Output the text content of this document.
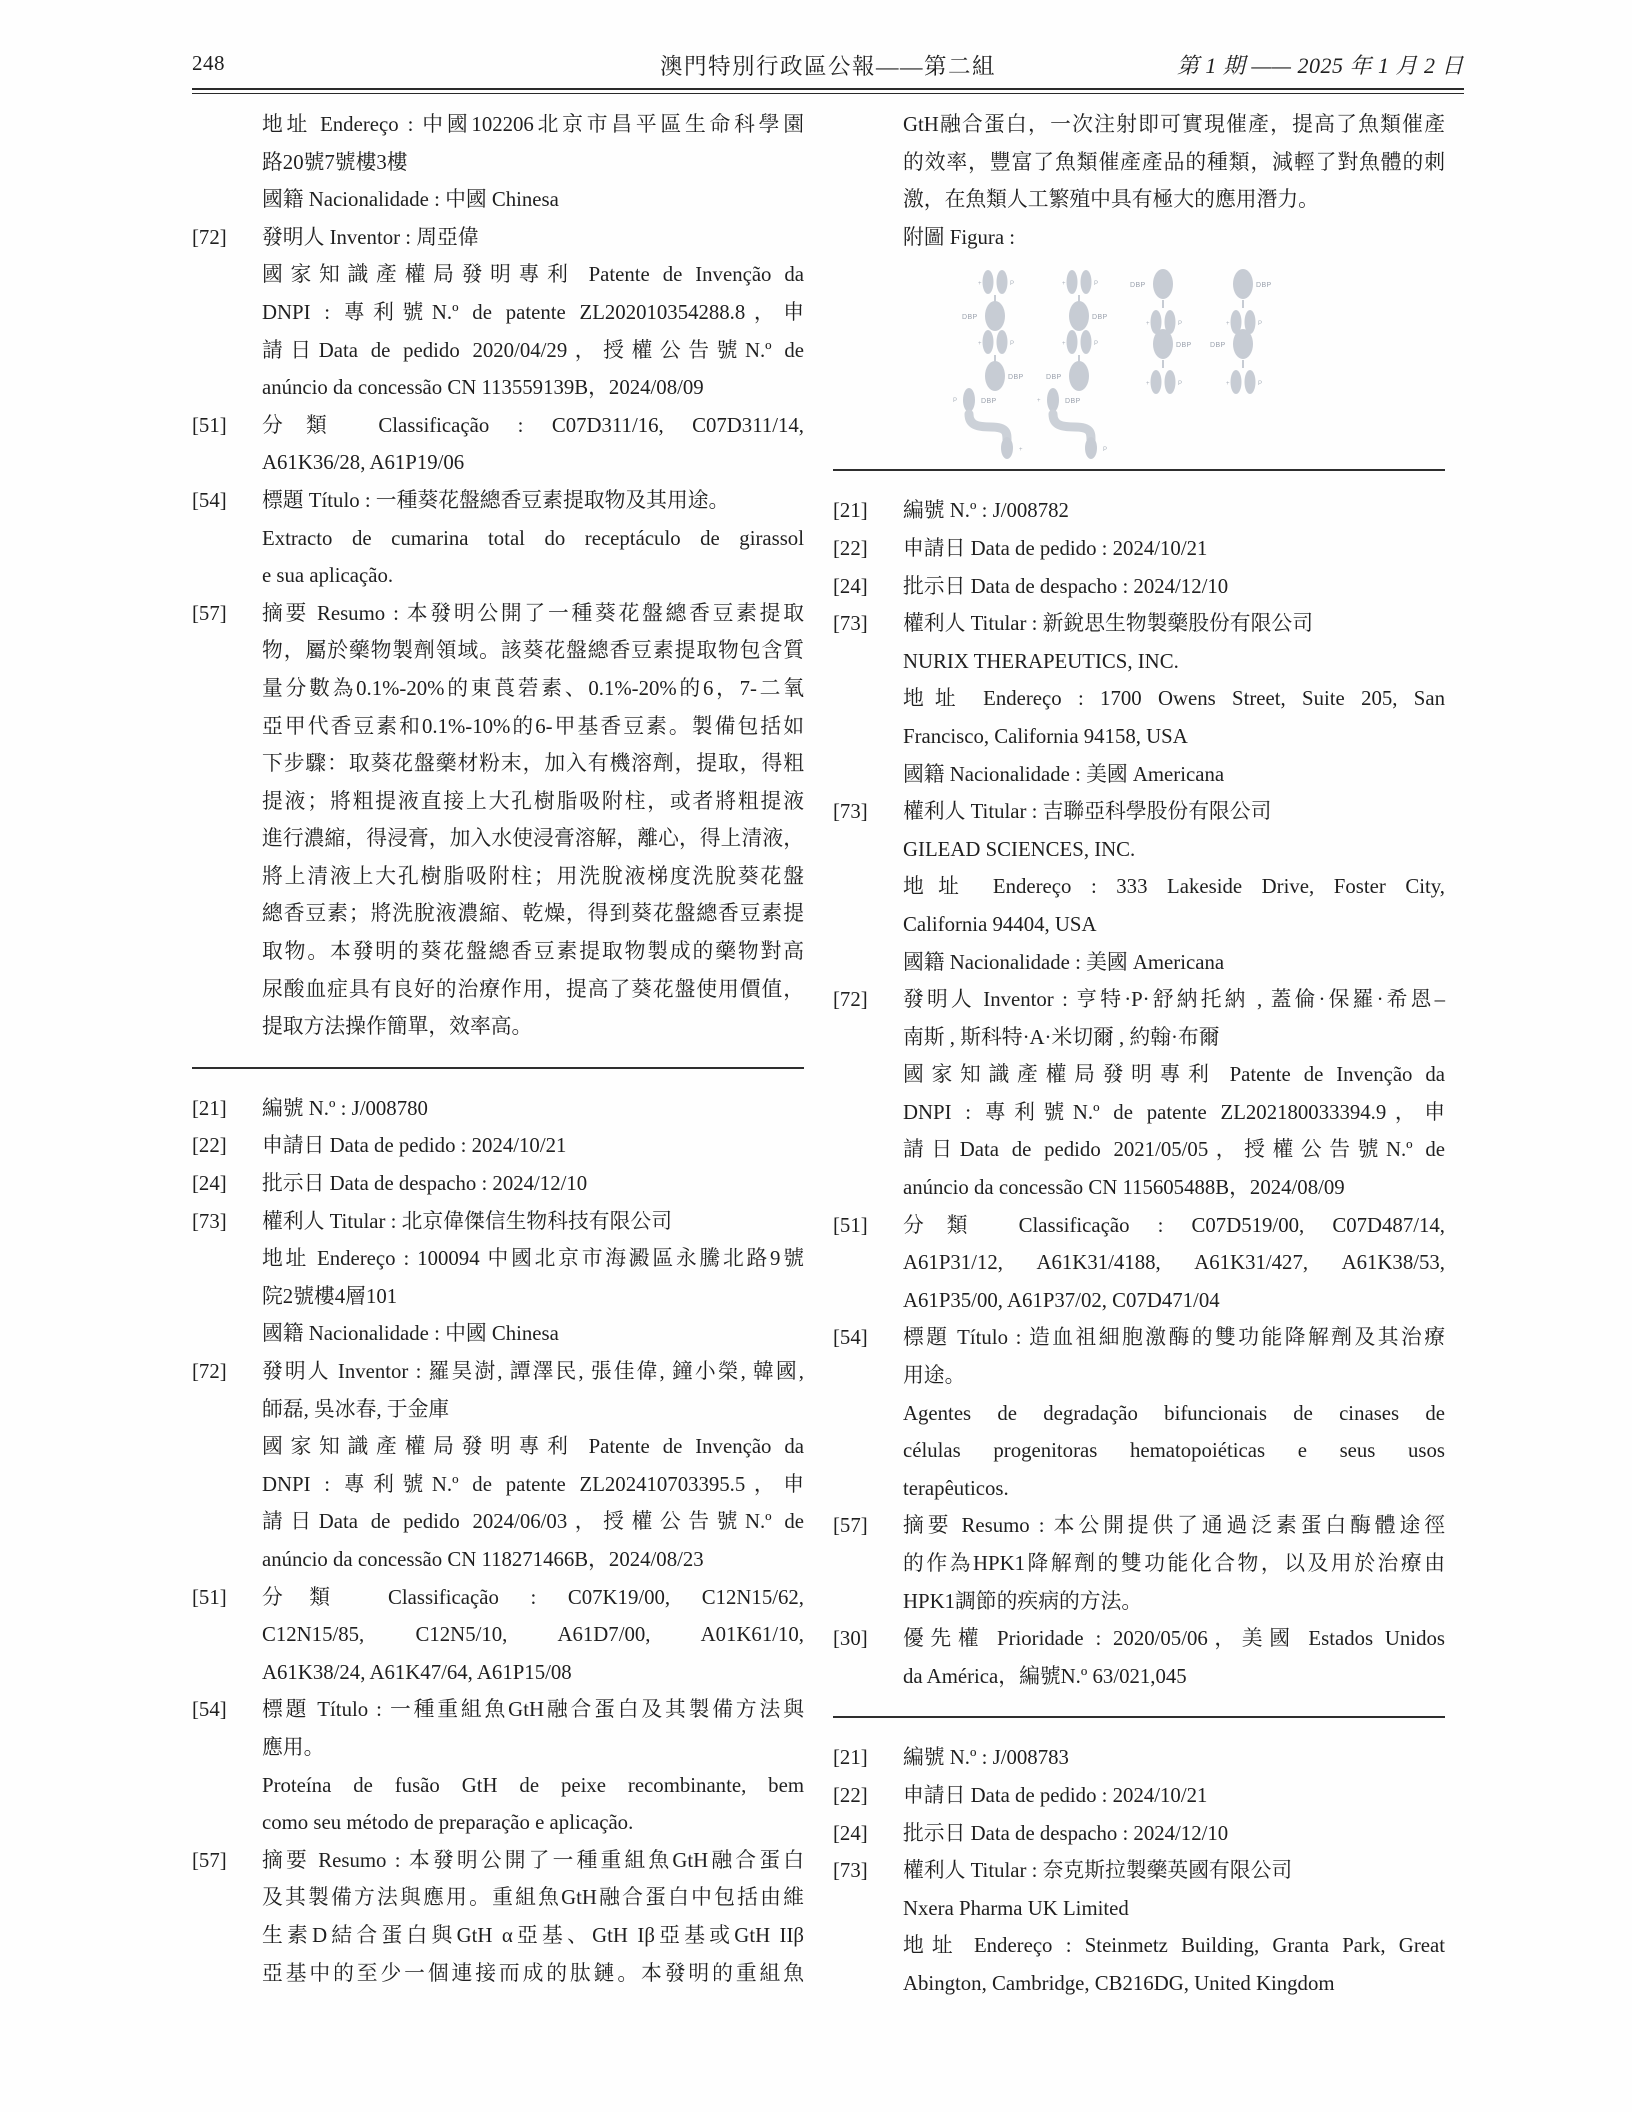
248	澳門特別行政區公報——第二組	第 1 期 —— 2025 年 1 月 2 日
地址 Endereço : 中國102206北京市昌平區生命科學園
路20號7號樓3樓
國籍 Nacionalidade : 中國 Chinesa
[72] 發明人 Inventor : 周亞偉
國家知識產權局發明專利 Patente de Invenção da
DNPI : 專利號N.º de patente ZL202010354288.8，申
請日Data de pedido 2020/04/29，授權公告號N.º de
anúncio da concessão CN 113559139B，2024/08/09
[51] 分類 Classificação : C07D311/16, C07D311/14,
A61K36/28, A61P19/06
[54] 標題 Título : 一種葵花盤總香豆素提取物及其用途。
Extracto de cumarina total do receptáculo de girassol
e sua aplicação.
[57] 摘要 Resumo : 本發明公開了一種葵花盤總香豆素提取
物，屬於藥物製劑領域。該葵花盤總香豆素提取物包含質
量分數為0.1%-20%的東莨菪素、0.1%-20%的6，7-二氧
亞甲代香豆素和0.1%-10%的6-甲基香豆素。製備包括如
下步驟：取葵花盤藥材粉末，加入有機溶劑，提取，得粗
提液；將粗提液直接上大孔樹脂吸附柱，或者將粗提液
進行濃縮，得浸膏，加入水使浸膏溶解，離心，得上清液，
將上清液上大孔樹脂吸附柱；用洗脫液梯度洗脫葵花盤
總香豆素；將洗脫液濃縮、乾燥，得到葵花盤總香豆素提
取物。本發明的葵花盤總香豆素提取物製成的藥物對高
尿酸血症具有良好的治療作用，提高了葵花盤使用價值，
提取方法操作簡單，效率高。
[21] 編號 N.º : J/008780
[22] 申請日 Data de pedido : 2024/10/21
[24] 批示日 Data de despacho : 2024/12/10
[73] 權利人 Titular : 北京偉傑信生物科技有限公司
地址 Endereço : 100094 中國北京市海澱區永騰北路9號
院2號樓4層101
國籍 Nacionalidade : 中國 Chinesa
[72] 發明人 Inventor : 羅昊澍, 譚澤民, 張佳偉, 鐘小榮, 韓國,
師磊, 吳冰春, 于金庫
國家知識產權局發明專利 Patente de Invenção da
DNPI : 專利號N.º de patente ZL202410703395.5，申
請日Data de pedido 2024/06/03，授權公告號N.º de
anúncio da concessão CN 118271466B，2024/08/23
[51] 分類 Classificação : C07K19/00, C12N15/62,
C12N15/85, C12N5/10, A61D7/00, A01K61/10,
A61K38/24, A61K47/64, A61P15/08
[54] 標題 Título : 一種重組魚GtH融合蛋白及其製備方法與
應用。
Proteína de fusão GtH de peixe recombinante, bem
como seu método de preparação e aplicação.
[57] 摘要 Resumo : 本發明公開了一種重組魚GtH融合蛋白
及其製備方法與應用。重組魚GtH融合蛋白中包括由維
生素D結合蛋白與GtH α亞基、GtH Iβ亞基或GtH IIβ
亞基中的至少一個連接而成的肽鏈。本發明的重組魚
GtH融合蛋白，一次注射即可實現催產，提高了魚類催產
的效率，豐富了魚類催產產品的種類，減輕了對魚體的刺
激，在魚類人工繁殖中具有極大的應用潛力。
附圖 Figura :
+	P
DBP
+	P
DBP
DBP
+	P
DBP
+	P
+	P
DBP
+	P
DBP
DBP
+	P
DBP
+	P
P	DBP
+
+	DBP
P
[21] 編號 N.º : J/008782
[22] 申請日 Data de pedido : 2024/10/21
[24] 批示日 Data de despacho : 2024/12/10
[73] 權利人 Titular : 新銳思生物製藥股份有限公司
NURIX THERAPEUTICS, INC.
地址 Endereço : 1700 Owens Street, Suite 205, San
Francisco, California 94158, USA
國籍 Nacionalidade : 美國 Americana
[73] 權利人 Titular : 吉聯亞科學股份有限公司
GILEAD SCIENCES, INC.
地址 Endereço : 333 Lakeside Drive, Foster City,
California 94404, USA
國籍 Nacionalidade : 美國 Americana
[72] 發明人 Inventor : 亨特·P·舒納托納 , 蓋倫·保羅·希恩–
南斯 , 斯科特·A·米切爾 , 約翰·布爾
國家知識產權局發明專利 Patente de Invenção da
DNPI : 專利號N.º de patente ZL202180033394.9，申
請日Data de pedido 2021/05/05，授權公告號N.º de
anúncio da concessão CN 115605488B，2024/08/09
[51] 分類 Classificação : C07D519/00, C07D487/14,
A61P31/12, A61K31/4188, A61K31/427, A61K38/53,
A61P35/00, A61P37/02, C07D471/04
[54] 標題 Título : 造血祖細胞激酶的雙功能降解劑及其治療
用途。
Agentes de degradação bifuncionais de cinases de
células progenitoras hematopoiéticas e seus usos
terapêuticos.
[57] 摘要 Resumo : 本公開提供了通過泛素蛋白酶體途徑
的作為HPK1降解劑的雙功能化合物，以及用於治療由
HPK1調節的疾病的方法。
[30] 優先權 Prioridade : 2020/05/06，美國 Estados Unidos
da América，編號N.º 63/021,045
[21] 編號 N.º : J/008783
[22] 申請日 Data de pedido : 2024/10/21
[24] 批示日 Data de despacho : 2024/12/10
[73] 權利人 Titular : 奈克斯拉製藥英國有限公司
Nxera Pharma UK Limited
地址 Endereço : Steinmetz Building, Granta Park, Great
Abington, Cambridge, CB216DG, United Kingdom
